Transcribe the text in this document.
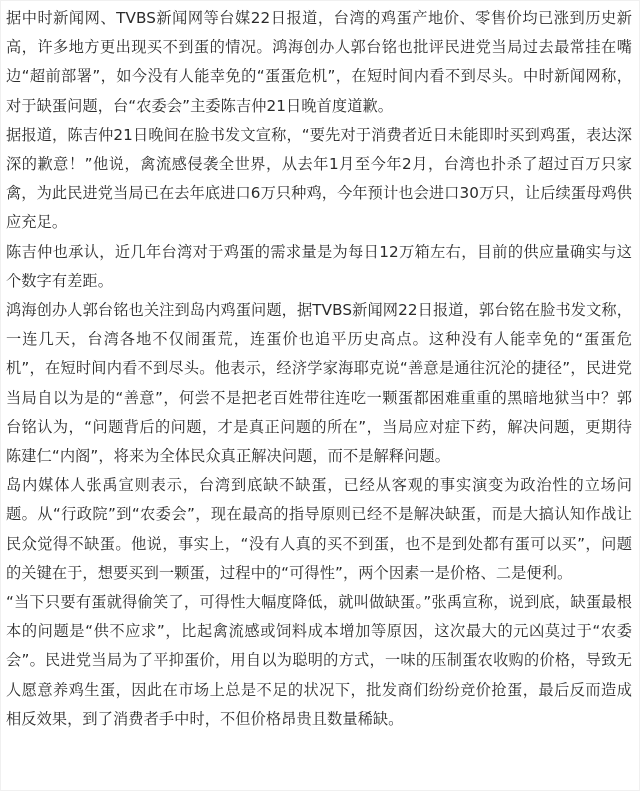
据中时新闻网、TVBS新闻网等台媒22日报道，台湾的鸡蛋产地价、零售价均已涨到历史新高，许多地方更出现买不到蛋的情况。鸿海创办人郭台铭也批评民进党当局过去最常挂在嘴边“超前部署”，如今没有人能幸免的“蛋蛋危机”，在短时间内看不到尽头。中时新闻网称，对于缺蛋问题，台“农委会”主委陈吉仲21日晚首度道歉。

据报道，陈吉仲21日晚间在脸书发文宣称，“要先对于消费者近日未能即时买到鸡蛋，表达深深的歉意！”他说，禽流感侵袭全世界，从去年1月至今年2月，台湾也扑杀了超过百万只家禽，为此民进党当局已在去年底进口6万只种鸡，今年预计也会进口30万只，让后续蛋母鸡供应充足。

陈吉仲也承认，近几年台湾对于鸡蛋的需求量是为每日12万箱左右，目前的供应量确实与这个数字有差距。

鸿海创办人郭台铭也关注到岛内鸡蛋问题，据TVBS新闻网22日报道，郭台铭在脸书发文称，一连几天，台湾各地不仅闹蛋荒，连蛋价也追平历史高点。这种没有人能幸免的“蛋蛋危机”，在短时间内看不到尽头。他表示，经济学家海耶克说“善意是通往沉沦的捷径”，民进党当局自以为是的“善意”，何尝不是把老百姓带往连吃一颗蛋都困难重重的黑暗地狱当中？郭台铭认为，“问题背后的问题，才是真正问题的所在”，当局应对症下药，解决问题，更期待陈建仁“内阁”，将来为全体民众真正解决问题，而不是解释问题。

岛内媒体人张禹宣则表示，台湾到底缺不缺蛋，已经从客观的事实演变为政治性的立场问题。从“行政院”到“农委会”，现在最高的指导原则已经不是解决缺蛋，而是大搞认知作战让民众觉得不缺蛋。他说，事实上，“没有人真的买不到蛋，也不是到处都有蛋可以买”，问题的关键在于，想要买到一颗蛋，过程中的“可得性”，两个因素一是价格、二是便利。

“当下只要有蛋就得偷笑了，可得性大幅度降低，就叫做缺蛋。”张禹宣称，说到底，缺蛋最根本的问题是“供不应求”，比起禽流感或饲料成本增加等原因，这次最大的元凶莫过于“农委会”。民进党当局为了平抑蛋价，用自以为聪明的方式，一味的压制蛋农收购的价格，导致无人愿意养鸡生蛋，因此在市场上总是不足的状况下，批发商们纷纷竞价抢蛋，最后反而造成相反效果，到了消费者手中时，不但价格昂贵且数量稀缺。
